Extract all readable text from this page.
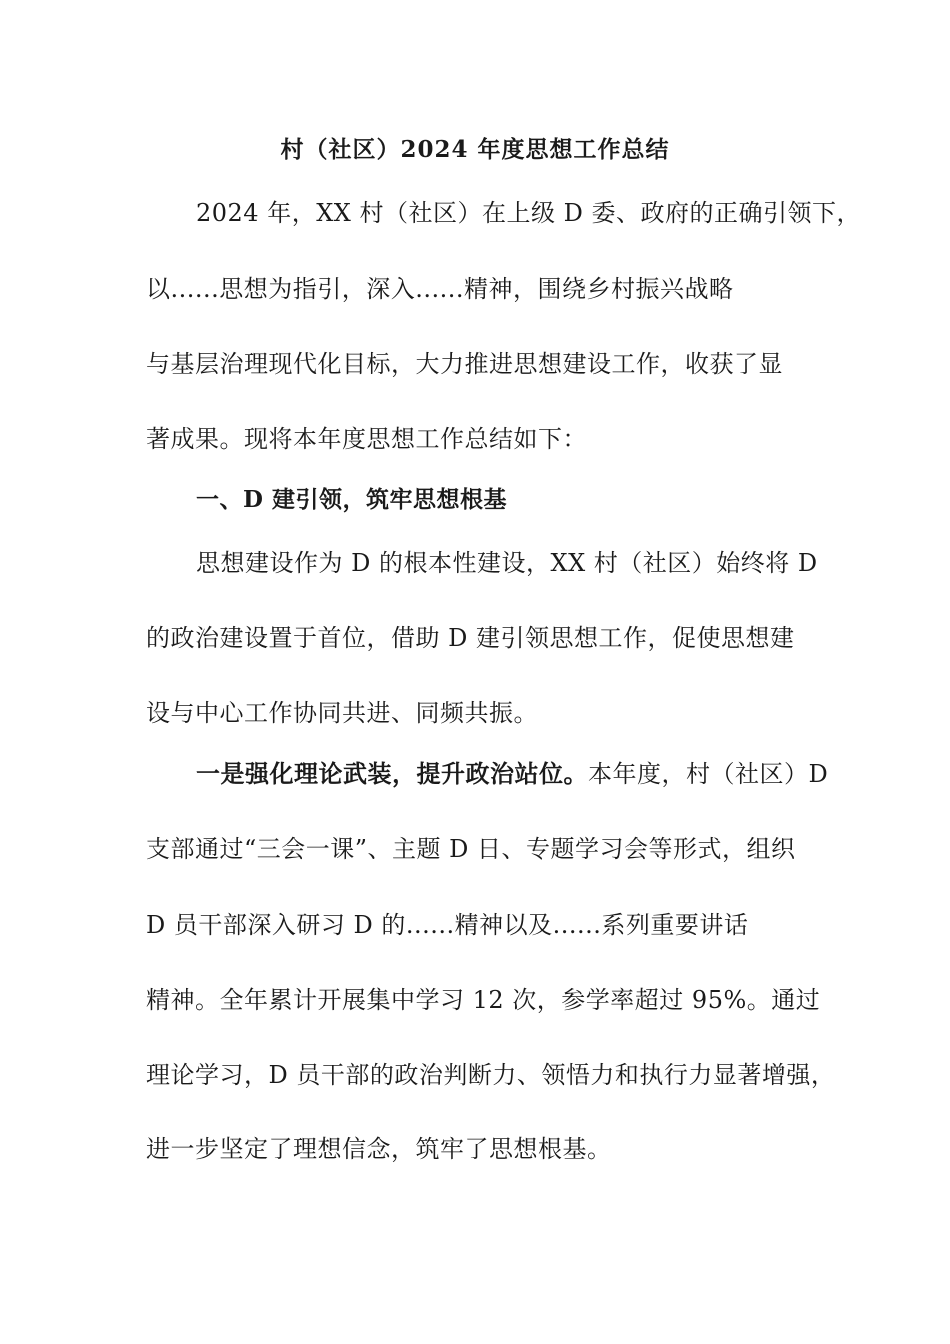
村（社区）2024 年度思想工作总结
2024 年，XX 村（社区）在上级 D 委、政府的正确引领下，
以......思想为指引，深入......精神，围绕乡村振兴战略
与基层治理现代化目标，大力推进思想建设工作，收获了显
著成果。现将本年度思想工作总结如下：
一、D 建引领，筑牢思想根基
思想建设作为 D 的根本性建设，XX 村（社区）始终将 D
的政治建设置于首位，借助 D 建引领思想工作，促使思想建
设与中心工作协同共进、同频共振。
一是强化理论武装，提升政治站位。本年度，村（社区）D
支部通过“三会一课”、主题 D 日、专题学习会等形式，组织
D 员干部深入研习 D 的......精神以及......系列重要讲话
精神。全年累计开展集中学习 12 次，参学率超过 95%。通过
理论学习，D 员干部的政治判断力、领悟力和执行力显著增强，
进一步坚定了理想信念，筑牢了思想根基。
